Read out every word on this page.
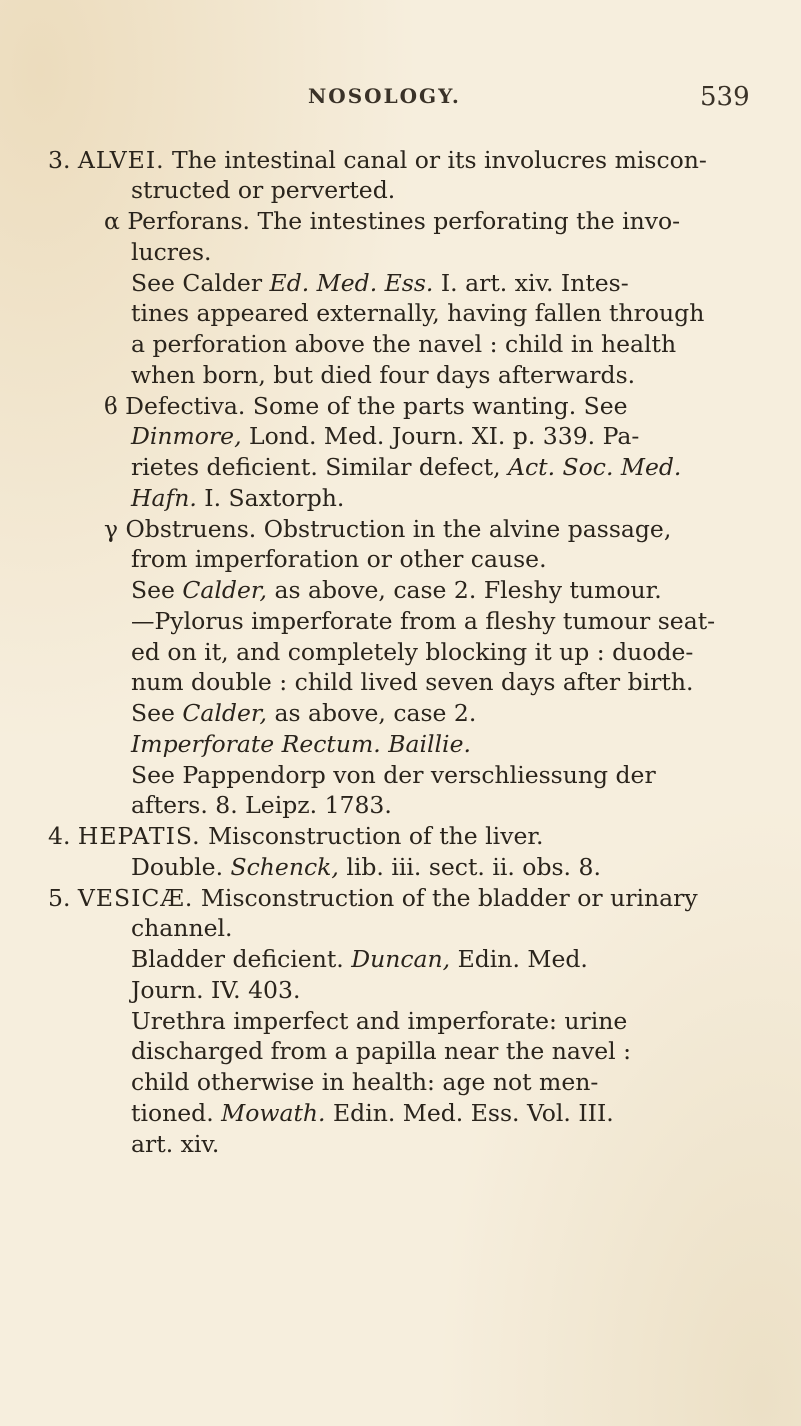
NOSOLOGY.	539
3. ALVEI. The intestinal canal or its involucres miscon-
structed or perverted.
α Perforans. The intestines perforating the invo-
lucres.
See Calder Ed. Med. Ess. I. art. xiv. Intes-
tines appeared externally, having fallen through
a perforation above the navel : child in health
when born, but died four days afterwards.
ϐ Defectiva. Some of the parts wanting. See
Dinmore, Lond. Med. Journ. XI. p. 339. Pa-
rietes deficient. Similar defect, Act. Soc. Med.
Hafn. I. Saxtorph.
γ Obstruens. Obstruction in the alvine passage,
from imperforation or other cause.
See Calder, as above, case 2. Fleshy tumour.
—Pylorus imperforate from a fleshy tumour seat-
ed on it, and completely blocking it up : duode-
num double : child lived seven days after birth.
See Calder, as above, case 2.
Imperforate Rectum. Baillie.
See Pappendorp von der verschliessung der
afters. 8. Leipz. 1783.
4. HEPATIS. Misconstruction of the liver.
Double. Schenck, lib. iii. sect. ii. obs. 8.
5. VESICÆ. Misconstruction of the bladder or urinary
channel.
Bladder deficient. Duncan, Edin. Med.
Journ. IV. 403.
Urethra imperfect and imperforate: urine
discharged from a papilla near the navel :
child otherwise in health: age not men-
tioned. Mowath. Edin. Med. Ess. Vol. III.
art. xiv.
